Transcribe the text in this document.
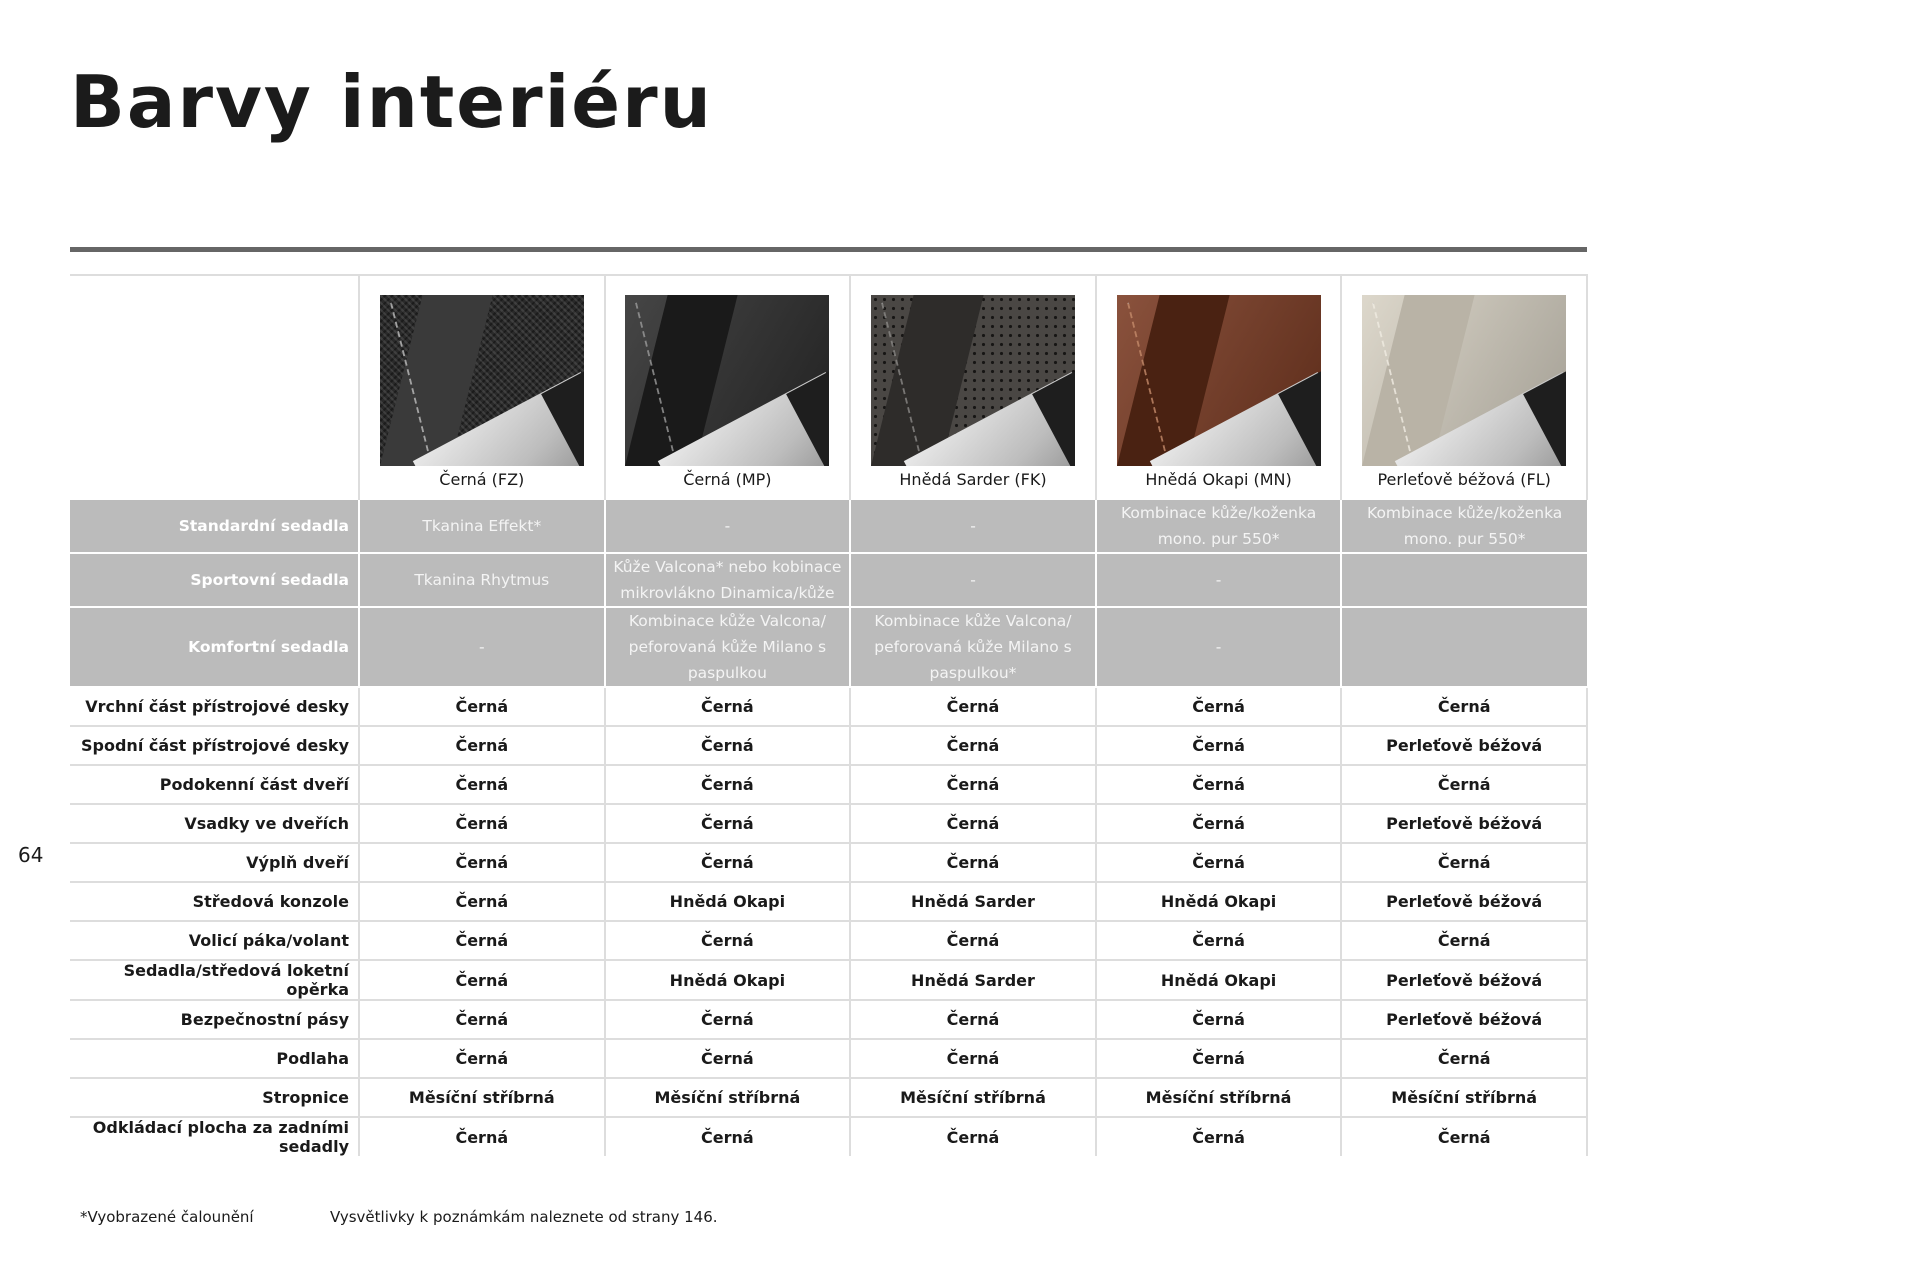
Barvy interiéru

	Černá (FZ)	Černá (MP)	Hnědá Sarder (FK)	Hnědá Okapi (MN)	Perleťově béžová (FL)

Standardní sedadla	Tkanina Effekt*	-	-	Kombinace kůže/koženka mono. pur 550*	Kombinace kůže/koženka mono. pur 550*
Sportovní sedadla	Tkanina Rhytmus	Kůže Valcona* nebo kobinace mikrovlákno Dinamica/kůže	-	-	
Komfortní sedadla	-	Kombinace kůže Valcona/ peforovaná kůže Milano s paspulkou	Kombinace kůže Valcona/ peforovaná kůže Milano s paspulkou*	-	
Vrchní část přístrojové desky	Černá	Černá	Černá	Černá	Černá
Spodní část přístrojové desky	Černá	Černá	Černá	Černá	Perleťově béžová
Podokenní část dveří	Černá	Černá	Černá	Černá	Černá
Vsadky ve dveřích	Černá	Černá	Černá	Černá	Perleťově béžová
Výplň dveří	Černá	Černá	Černá	Černá	Černá
Středová konzole	Černá	Hnědá Okapi	Hnědá Sarder	Hnědá Okapi	Perleťově béžová
Volicí páka/volant	Černá	Černá	Černá	Černá	Černá
Sedadla/středová loketní opěrka	Černá	Hnědá Okapi	Hnědá Sarder	Hnědá Okapi	Perleťově béžová
Bezpečnostní pásy	Černá	Černá	Černá	Černá	Perleťově béžová
Podlaha	Černá	Černá	Černá	Černá	Černá
Stropnice	Měsíční stříbrná	Měsíční stříbrná	Měsíční stříbrná	Měsíční stříbrná	Měsíční stříbrná
Odkládací plocha za zadními sedadly	Černá	Černá	Černá	Černá	Černá
64
*Vyobrazené čalounění	Vysvětlivky k poznámkám naleznete od strany 146.
